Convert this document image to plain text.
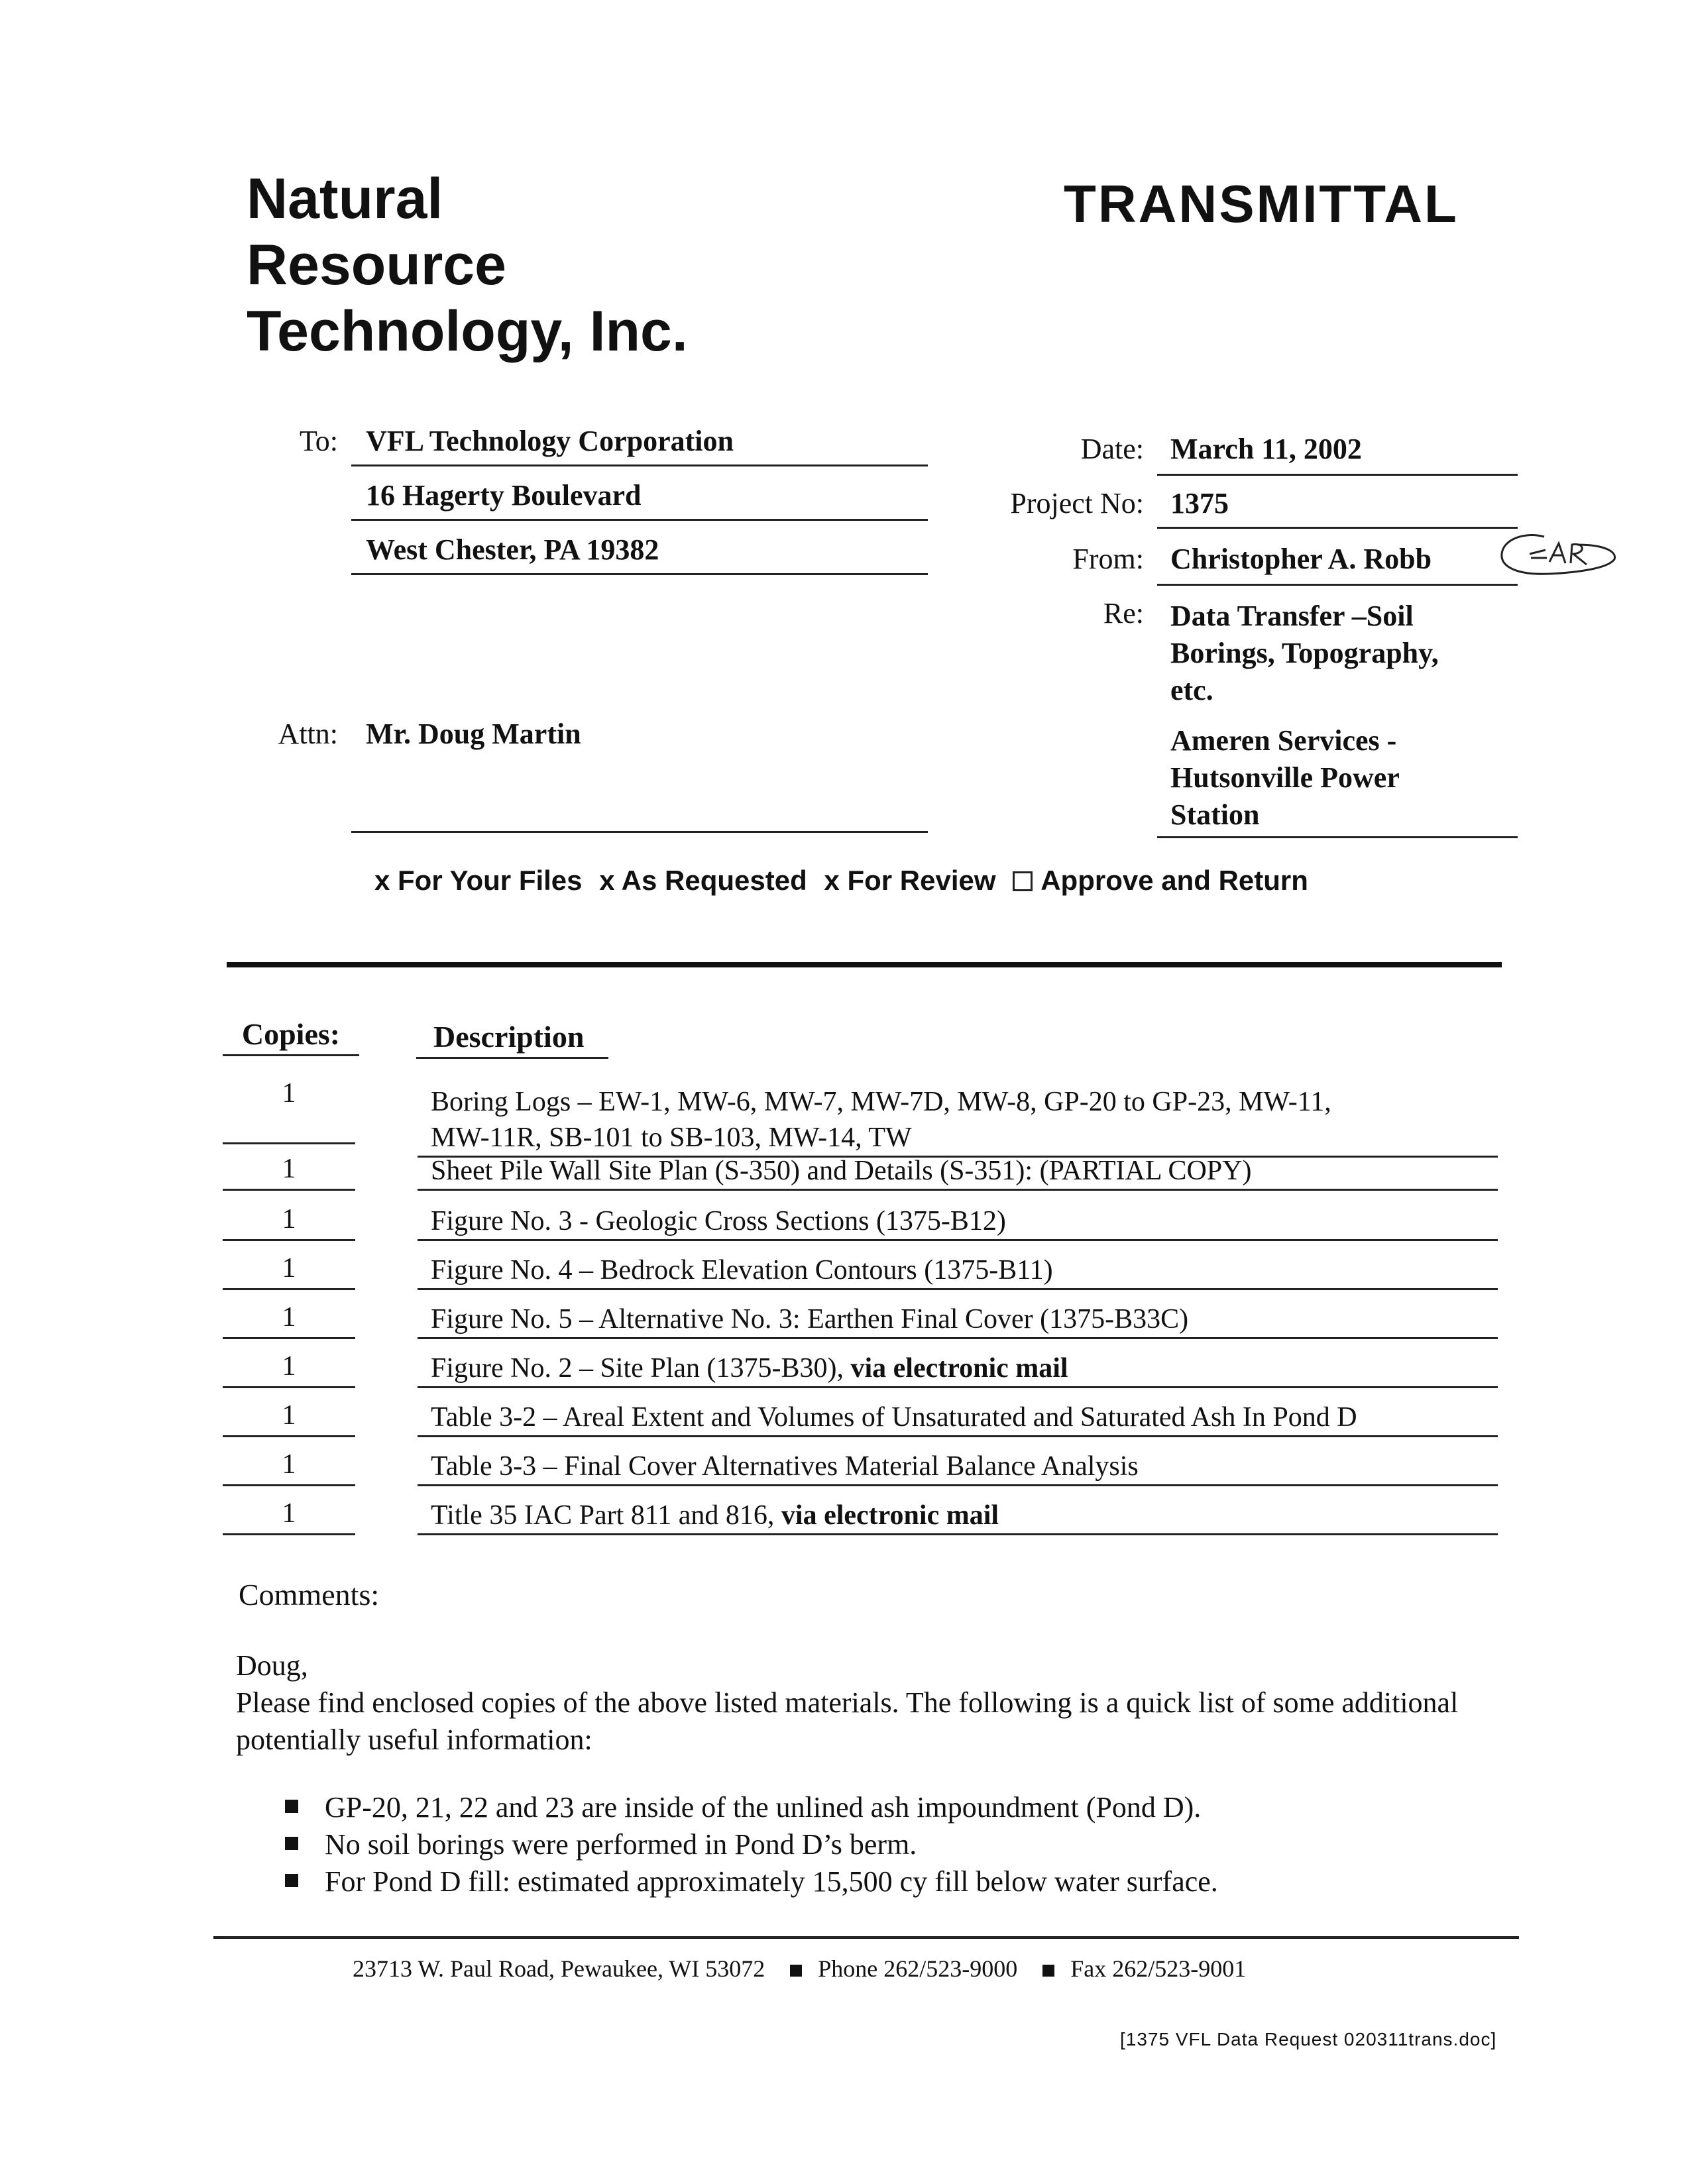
Natural
Resource
Technology, Inc.
TRANSMITTAL
To: VFL Technology Corporation
16 Hagerty Boulevard
West Chester, PA 19382
Attn: Mr. Doug Martin
Date: March 11, 2002
Project No: 1375
From: Christopher A. Robb
Re: Data Transfer –Soil
Borings, Topography,
etc.
Ameren Services -
Hutsonville Power
Station
x For Your Files x As Requested x For Review Approve and Return
Copies:	Description
1	Boring Logs – EW-1, MW-6, MW-7, MW-7D, MW-8, GP-20 to GP-23, MW-11,
MW-11R, SB-101 to SB-103, MW-14, TW
1	Sheet Pile Wall Site Plan (S-350) and Details (S-351): (PARTIAL COPY)
1	Figure No. 3 - Geologic Cross Sections (1375-B12)
1	Figure No. 4 – Bedrock Elevation Contours (1375-B11)
1	Figure No. 5 – Alternative No. 3: Earthen Final Cover (1375-B33C)
1	Figure No. 2 – Site Plan (1375-B30), via electronic mail
1	Table 3-2 – Areal Extent and Volumes of Unsaturated and Saturated Ash In Pond D
1	Table 3-3 – Final Cover Alternatives Material Balance Analysis
1	Title 35 IAC Part 811 and 816, via electronic mail
Comments:
Doug,
Please find enclosed copies of the above listed materials. The following is a quick list of some additional potentially useful information:
GP-20, 21, 22 and 23 are inside of the unlined ash impoundment (Pond D).
No soil borings were performed in Pond D’s berm.
For Pond D fill: estimated approximately 15,500 cy fill below water surface.
23713 W. Paul Road, Pewaukee, WI 53072 Phone 262/523-9000 Fax 262/523-9001
[1375 VFL Data Request 020311trans.doc]
